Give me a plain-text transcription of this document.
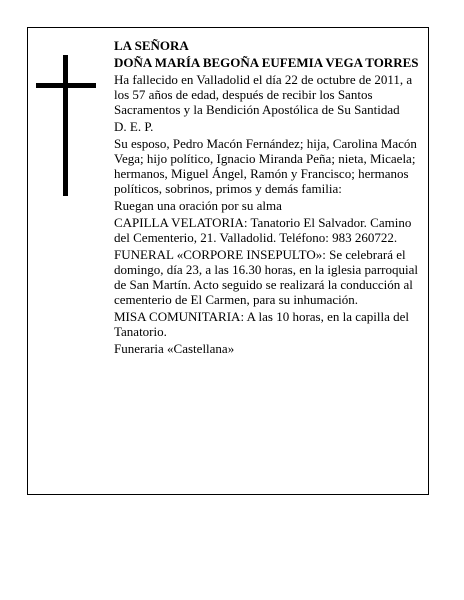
LA SEÑORA

DOÑA MARÍA BEGOÑA EUFEMIA VEGA TORRES

Ha fallecido en Valladolid el día 22 de octubre de 2011, a los 57 años de edad, después de recibir los Santos Sacramentos y la Bendición Apostólica de Su Santidad

D. E. P.

Su esposo, Pedro Macón Fernández; hija, Carolina Macón Vega; hijo político, Ignacio Miranda Peña; nieta, Micaela; hermanos, Miguel Ángel, Ramón y Francisco; hermanos políticos, sobrinos, primos y demás familia:

Ruegan una oración por su alma

CAPILLA VELATORIA: Tanatorio El Salvador. Camino del Cementerio, 21. Valladolid. Teléfono: 983 260722.

FUNERAL «CORPORE INSEPULTO»: Se celebrará el domingo, día 23, a las 16.30 horas, en la iglesia parroquial de San Martín. Acto seguido se realizará la conducción al cementerio de El Carmen, para su inhumación.

MISA COMUNITARIA: A las 10 horas, en la capilla del Tanatorio.

Funeraria «Castellana»
